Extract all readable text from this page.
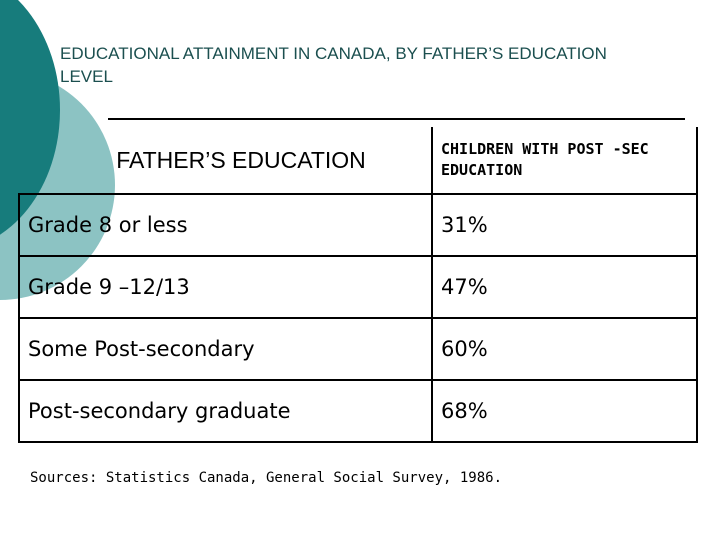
EDUCATIONAL ATTAINMENT IN CANADA, BY FATHER’S EDUCATION LEVEL
FATHER’S EDUCATION	CHILDREN WITH POST -SEC EDUCATION
Grade 8 or less	31%
Grade 9 –12/13	47%
Some Post-secondary	60%
Post-secondary graduate	68%

Sources: Statistics Canada, General Social Survey, 1986.
